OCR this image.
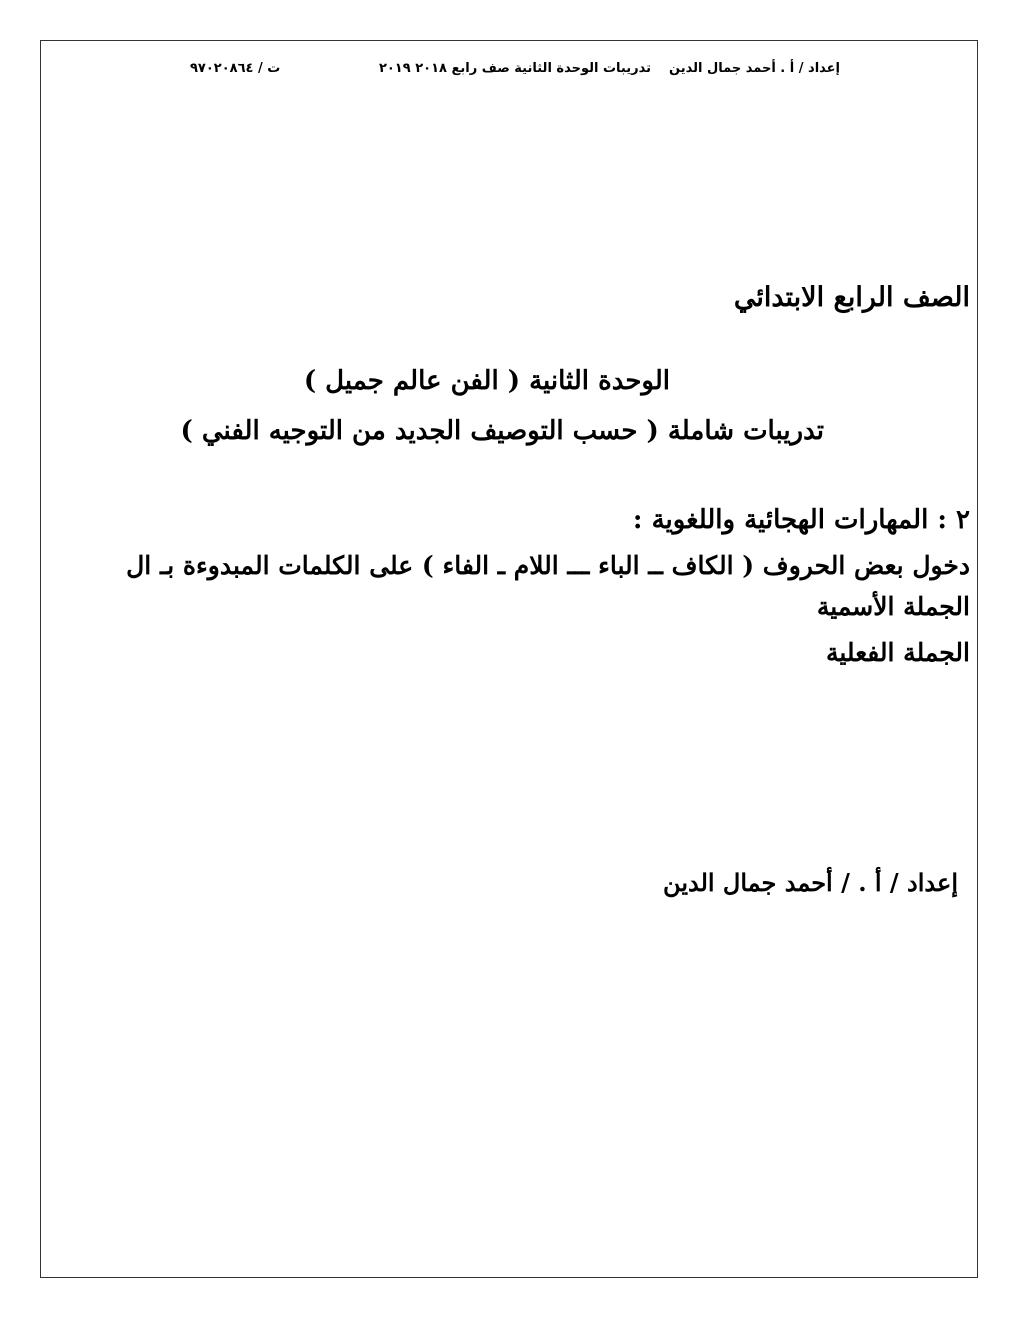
إعداد / أ . أحمد جمال الدينتدريبات الوحدة الثانية صف رابع ٢٠١٨ ٢٠١٩
ت / ٩٧٠٢٠٨٦٤
الصف الرابع الابتدائي
الوحدة الثانية ( الفن عالم جميل )
تدريبات شاملة ( حسب التوصيف الجديد من التوجيه الفني )
٢ : المهارات الهجائية واللغوية :
دخول بعض الحروف ( الكاف ــ الباء ـــ اللام ـ الفاء ) على الكلمات المبدوءة بـ ال
الجملة الأسمية
الجملة الفعلية
إعداد / أ . / أحمد جمال الدين
